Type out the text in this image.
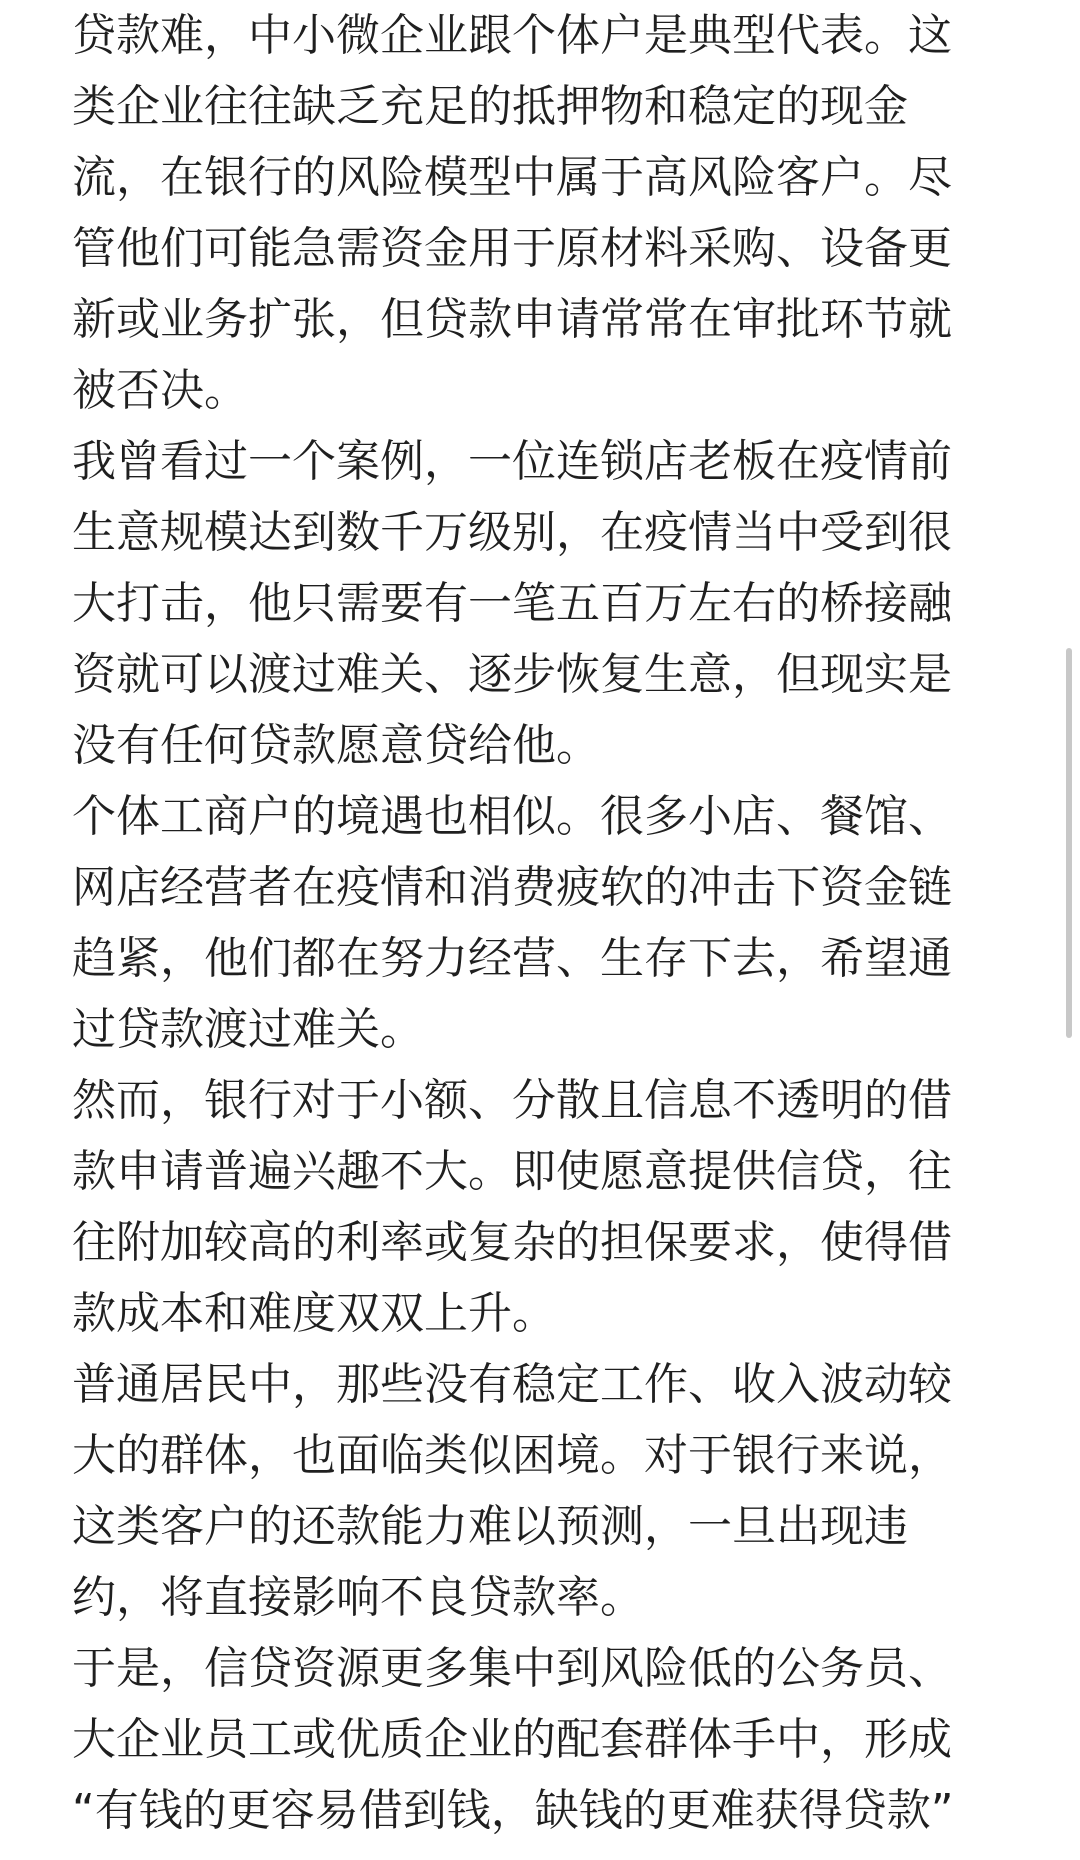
贷款难，中小微企业跟个体户是典型代表。这
类企业往往缺乏充足的抵押物和稳定的现金
流，在银行的风险模型中属于高风险客户。尽
管他们可能急需资金用于原材料采购、设备更
新或业务扩张，但贷款申请常常在审批环节就
被否决。
我曾看过一个案例，一位连锁店老板在疫情前
生意规模达到数千万级别，在疫情当中受到很
大打击，他只需要有一笔五百万左右的桥接融
资就可以渡过难关、逐步恢复生意，但现实是
没有任何贷款愿意贷给他。
个体工商户的境遇也相似。很多小店、餐馆、
网店经营者在疫情和消费疲软的冲击下资金链
趋紧，他们都在努力经营、生存下去，希望通
过贷款渡过难关。
然而，银行对于小额、分散且信息不透明的借
款申请普遍兴趣不大。即使愿意提供信贷，往
往附加较高的利率或复杂的担保要求，使得借
款成本和难度双双上升。
普通居民中，那些没有稳定工作、收入波动较
大的群体，也面临类似困境。对于银行来说，
这类客户的还款能力难以预测，一旦出现违
约，将直接影响不良贷款率。
于是，信贷资源更多集中到风险低的公务员、
大企业员工或优质企业的配套群体手中，形成
“有钱的更容易借到钱，缺钱的更难获得贷款”
